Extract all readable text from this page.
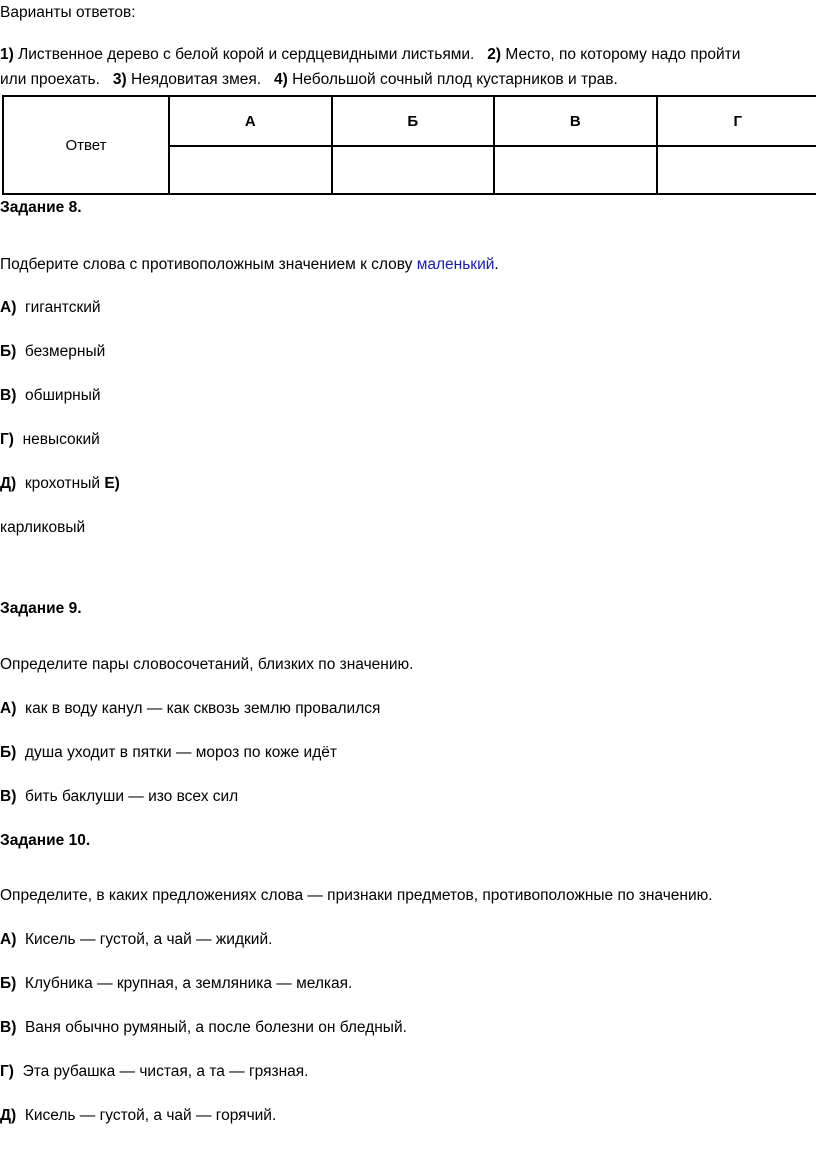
Варианты ответов:
1) Лиственное дерево с белой корой и сердцевидными листьями.   2) Место, по которому надо пройти
или проехать.   3) Неядовитая змея.   4) Небольшой сочный плод кустарников и трав.
Ответ	А	Б	В	Г

Задание 8.
Подберите слова с противоположным значением к слову маленький.
А)  гигантский
Б)  безмерный
В)  обширный
Г)  невысокий
Д)  крохотный Е)
карликовый
Задание 9.
Определите пары словосочетаний, близких по значению.
А)  как в воду канул — как сквозь землю провалился
Б)  душа уходит в пятки — мороз по коже идёт
В)  бить баклуши — изо всех сил
Задание 10.
Определите, в каких предложениях слова — признаки предметов, противоположные по значению.
А)  Кисель — густой, а чай — жидкий.
Б)  Клубника — крупная, а земляника — мелкая.
В)  Ваня обычно румяный, а после болезни он бледный.
Г)  Эта рубашка — чистая, а та — грязная.
Д)  Кисель — густой, а чай — горячий.
